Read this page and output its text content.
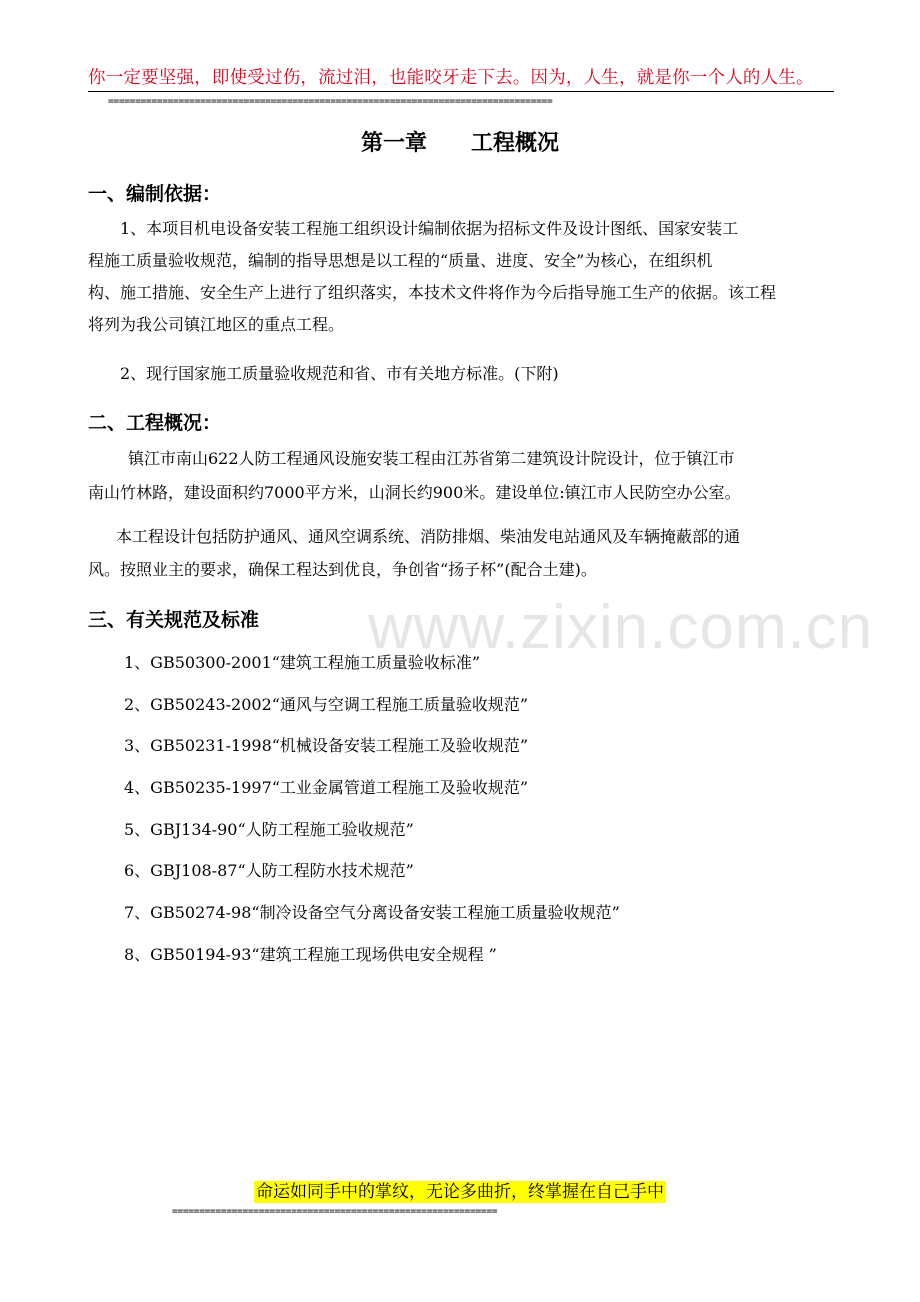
你一定要坚强，即使受过伤，流过泪，也能咬牙走下去。因为，人生，就是你一个人的人生。
==================================================================================
www.zixin.com.cn
第一章　　工程概况
一、编制依据：
1、本项目机电设备安装工程施工组织设计编制依据为招标文件及设计图纸、国家安装工
程施工质量验收规范，编制的指导思想是以工程的“质量、进度、安全”为核心，在组织机
构、施工措施、安全生产上进行了组织落实，本技术文件将作为今后指导施工生产的依据。该工程
将列为我公司镇江地区的重点工程。
2、现行国家施工质量验收规范和省、市有关地方标准。(下附)
二、工程概况：
镇江市南山622人防工程通风设施安装工程由江苏省第二建筑设计院设计，位于镇江市
南山竹林路，建设面积约7000平方米，山洞长约900米。建设单位:镇江市人民防空办公室。
本工程设计包括防护通风、通风空调系统、消防排烟、柴油发电站通风及车辆掩蔽部的通
风。按照业主的要求，确保工程达到优良，争创省“扬子杯”(配合土建)。
三、有关规范及标准
1、GB50300-2001“建筑工程施工质量验收标准”
2、GB50243-2002“通风与空调工程施工质量验收规范”
3、GB50231-1998“机械设备安装工程施工及验收规范”
4、GB50235-1997“工业金属管道工程施工及验收规范”
5、GBJ134-90“人防工程施工验收规范”
6、GBJ108-87“人防工程防水技术规范”
7、GB50274-98“制冷设备空气分离设备安装工程施工质量验收规范”
8、GB50194-93“建筑工程施工现场供电安全规程 ”
命运如同手中的掌纹，无论多曲折，终掌握在自己手中
============================================================
